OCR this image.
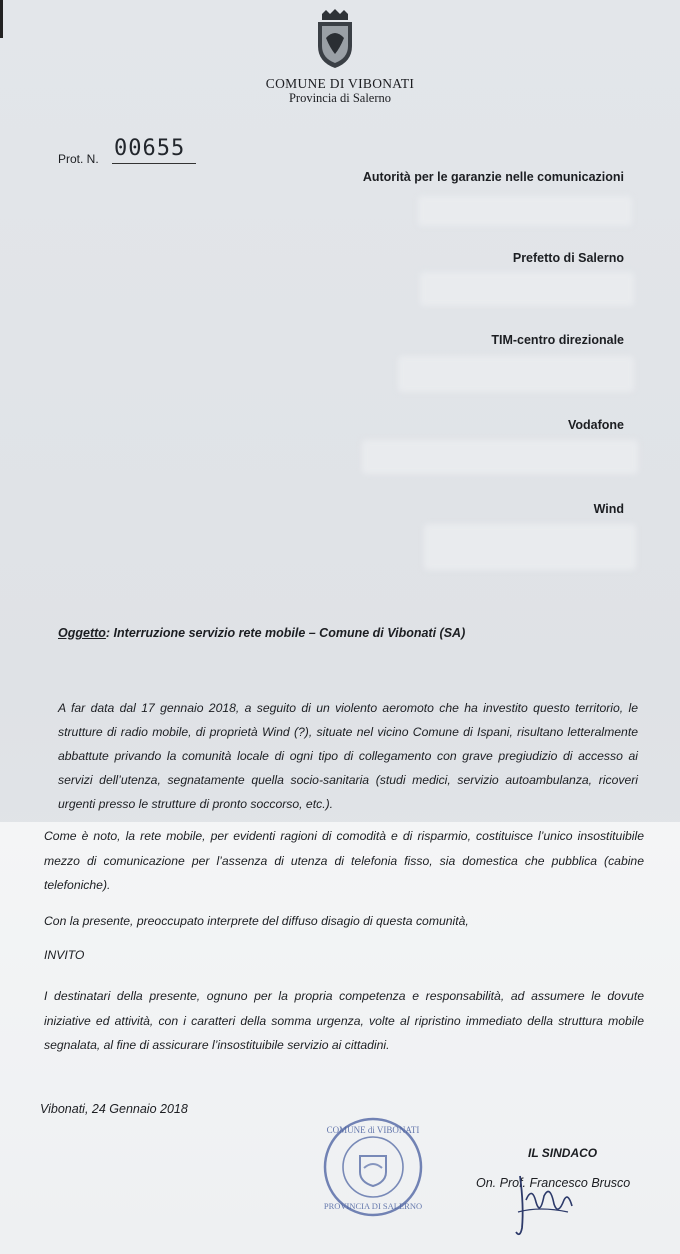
COMUNE DI VIBONATI
Provincia di Salerno
Prot. N. 00655
Autorità per le garanzie nelle comunicazioni
Prefetto di Salerno
TIM-centro direzionale
Vodafone
Wind
Oggetto: Interruzione servizio rete mobile – Comune di Vibonati (SA)
A far data dal 17 gennaio 2018, a seguito di un violento aeromoto che ha investito questo territorio, le strutture di radio mobile, di proprietà Wind (?), situate nel vicino Comune di Ispani, risultano letteralmente abbattute privando la comunità locale di ogni tipo di collegamento con grave pregiudizio di accesso ai servizi dell’utenza, segnatamente quella socio-sanitaria (studi medici, servizio autoambulanza, ricoveri urgenti presso le strutture di pronto soccorso, etc.).
Come è noto, la rete mobile, per evidenti ragioni di comodità e di risparmio, costituisce l’unico insostituibile mezzo di comunicazione per l’assenza di utenza di telefonia fisso, sia domestica che pubblica (cabine telefoniche).
Con la presente, preoccupato interprete del diffuso disagio di questa comunità,
INVITO
I destinatari della presente, ognuno per la propria competenza e responsabilità, ad assumere le dovute iniziative ed attività, con i caratteri della somma urgenza, volte al ripristino immediato della struttura mobile segnalata, al fine di assicurare l’insostituibile servizio ai cittadini.
Vibonati, 24 Gennaio 2018
COMUNE di VIBONATI
PROVINCIA DI SALERNO
IL SINDACO
On. Prof. Francesco Brusco
